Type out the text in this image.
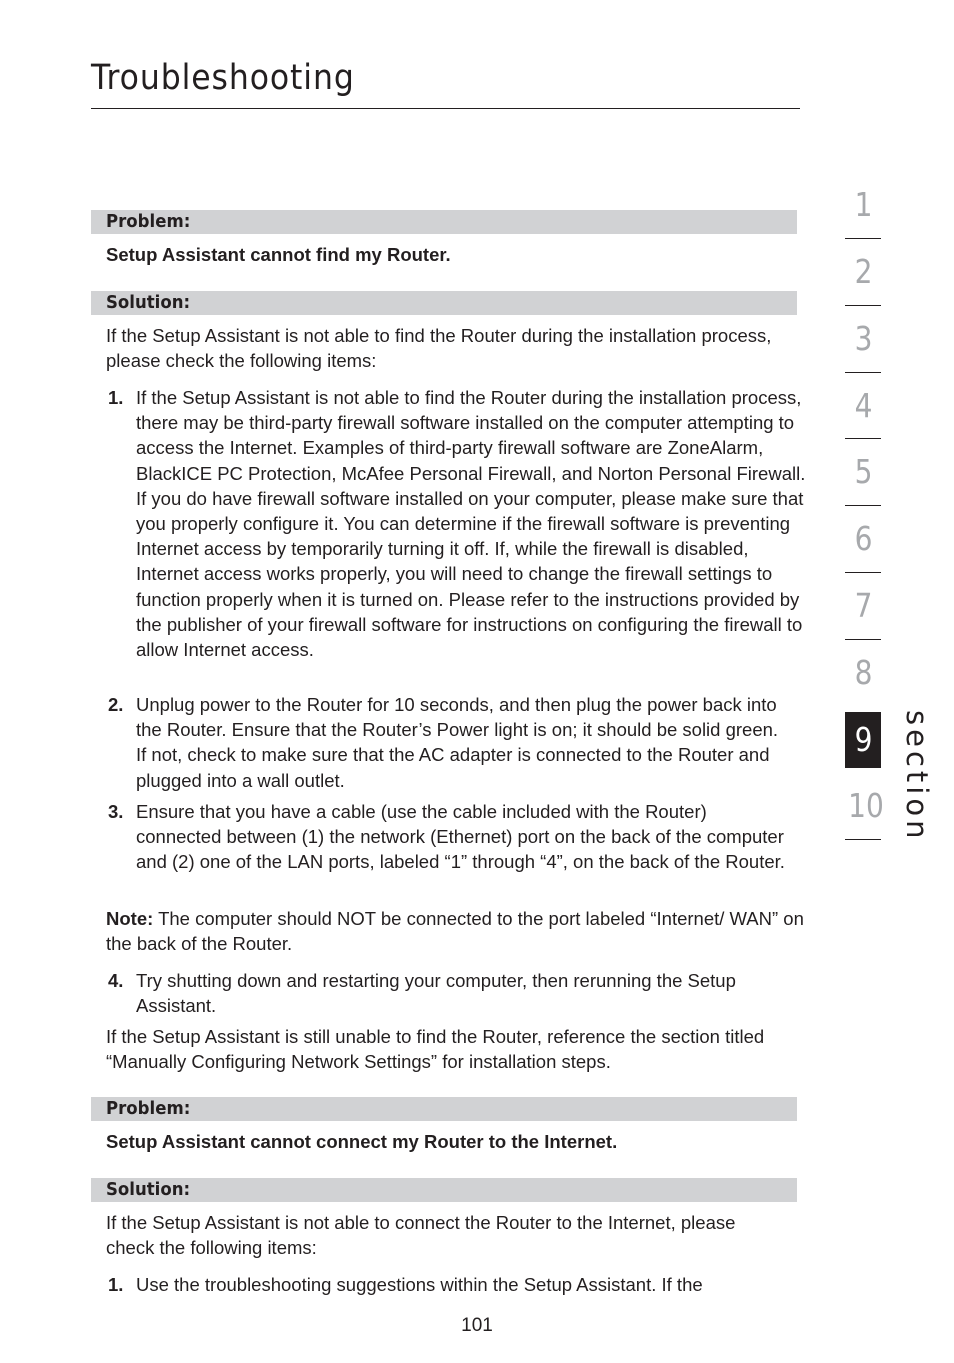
Troubleshooting
Problem:
Setup Assistant cannot find my Router.
Solution:

If the Setup Assistant is not able to find the Router during the installation process, please check the following items:

1. If the Setup Assistant is not able to find the Router during the installation process, there may be third-party firewall software installed on the computer attempting to access the Internet. Examples of third-party firewall software are ZoneAlarm, BlackICE PC Protection, McAfee Personal Firewall, and Norton Personal Firewall. If you do have firewall software installed on your computer, please make sure that you properly configure it. You can determine if the firewall software is preventing Internet access by temporarily turning it off. If, while the firewall is disabled, Internet access works properly, you will need to change the firewall settings to function properly when it is turned on. Please refer to the instructions provided by the publisher of your firewall software for instructions on configuring the firewall to allow Internet access.
2. Unplug power to the Router for 10 seconds, and then plug the power back into the Router. Ensure that the Router’s Power light is on; it should be solid green. If not, check to make sure that the AC adapter is connected to the Router and plugged into a wall outlet.
3. Ensure that you have a cable (use the cable included with the Router) connected between (1) the network (Ethernet) port on the back of the computer and (2) one of the LAN ports, labeled “1” through “4”, on the back of the Router.

Note: The computer should NOT be connected to the port labeled “Internet/ WAN” on the back of the Router.

4. Try shutting down and restarting your computer, then rerunning the Setup Assistant.

If the Setup Assistant is still unable to find the Router, reference the section titled “Manually Configuring Network Settings” for installation steps.

Problem:
Setup Assistant cannot connect my Router to the Internet.
Solution:

If the Setup Assistant is not able to connect the Router to the Internet, please check the following items:

1. Use the troubleshooting suggestions within the Setup Assistant. If the
101
1
2
3
4
5
6
7
8
9
10 section
